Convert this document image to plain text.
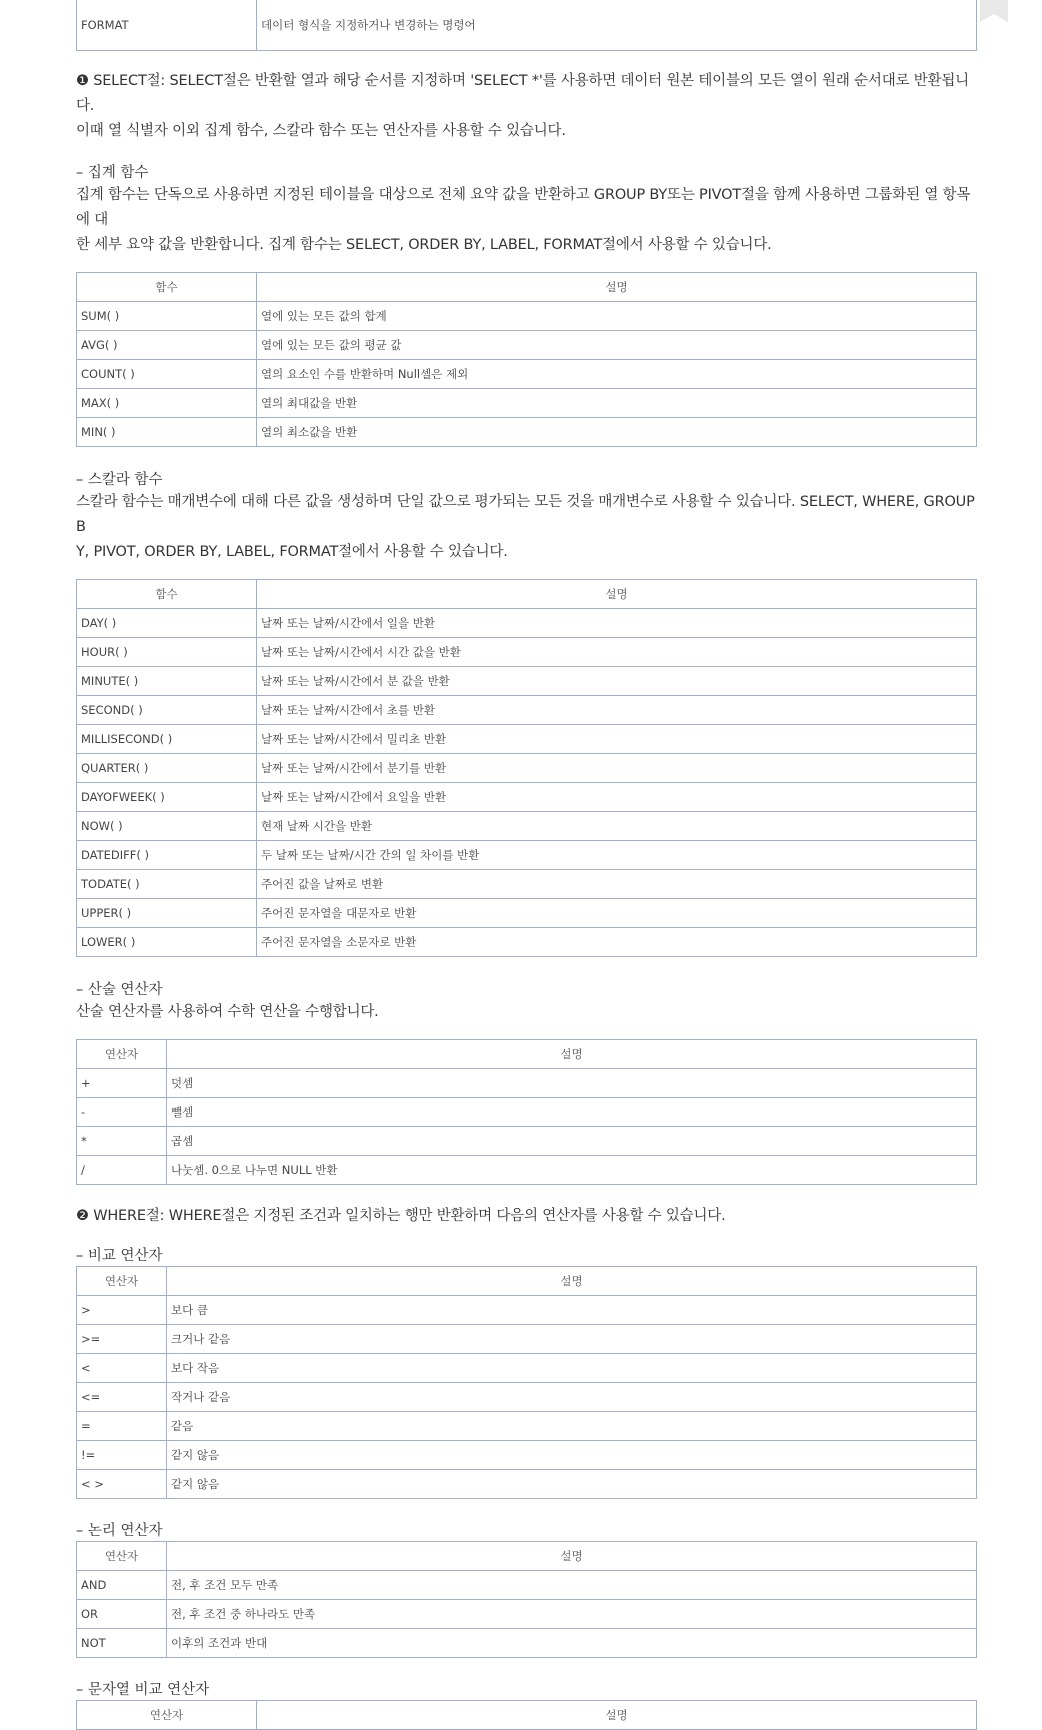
FORMAT	데이터 형식을 지정하거나 변경하는 명령어

❶ SELECT절: SELECT절은 반환할 열과 해당 순서를 지정하며 'SELECT *'를 사용하면 데이터 원본 테이블의 모든 열이 원래 순서대로 반환됩니다.

이때 열 식별자 이외 집계 함수, 스칼라 함수 또는 연산자를 사용할 수 있습니다.

– 집계 함수

집계 함수는 단독으로 사용하면 지정된 테이블을 대상으로 전체 요약 값을 반환하고 GROUP BY또는 PIVOT절을 함께 사용하면 그룹화된 열 항목에 대

한 세부 요약 값을 반환합니다. 집계 함수는 SELECT, ORDER BY, LABEL, FORMAT절에서 사용할 수 있습니다.

함수	설명
SUM( )	열에 있는 모든 값의 합계
AVG( )	열에 있는 모든 값의 평균 값
COUNT( )	열의 요소인 수를 반환하며 Null셀은 제외
MAX( )	열의 최대값을 반환
MIN( )	열의 최소값을 반환

– 스칼라 함수

스칼라 함수는 매개변수에 대해 다른 값을 생성하며 단일 값으로 평가되는 모든 것을 매개변수로 사용할 수 있습니다. SELECT, WHERE, GROUP B

Y, PIVOT, ORDER BY, LABEL, FORMAT절에서 사용할 수 있습니다.

함수	설명
DAY( )	날짜 또는 날짜/시간에서 일을 반환
HOUR( )	날짜 또는 날짜/시간에서 시간 값을 반환
MINUTE( )	날짜 또는 날짜/시간에서 분 값을 반환
SECOND( )	날짜 또는 날짜/시간에서 초를 반환
MILLISECOND( )	날짜 또는 날짜/시간에서 밀리초 반환
QUARTER( )	날짜 또는 날짜/시간에서 분기를 반환
DAYOFWEEK( )	날짜 또는 날짜/시간에서 요일을 반환
NOW( )	현재 날짜 시간을 반환
DATEDIFF( )	두 날짜 또는 날짜/시간 간의 일 차이를 반환
TODATE( )	주어진 값을 날짜로 변환
UPPER( )	주어진 문자열을 대문자로 반환
LOWER( )	주어진 문자열을 소문자로 반환

– 산술 연산자

산술 연산자를 사용하여 수학 연산을 수행합니다.

연산자	설명
+	덧셈
-	뺄셈
*	곱셈
/	나눗셈. 0으로 나누면 NULL 반환

❷ WHERE절: WHERE절은 지정된 조건과 일치하는 행만 반환하며 다음의 연산자를 사용할 수 있습니다.

– 비교 연산자

연산자	설명
>	보다 큼
>=	크거나 같음
<	보다 작음
<=	작거나 같음
=	같음
!=	같지 않음
< >	같지 않음

– 논리 연산자

연산자	설명
AND	전, 후 조건 모두 만족
OR	전, 후 조건 중 하나라도 만족
NOT	이후의 조건과 반대

– 문자열 비교 연산자

연산자	설명
